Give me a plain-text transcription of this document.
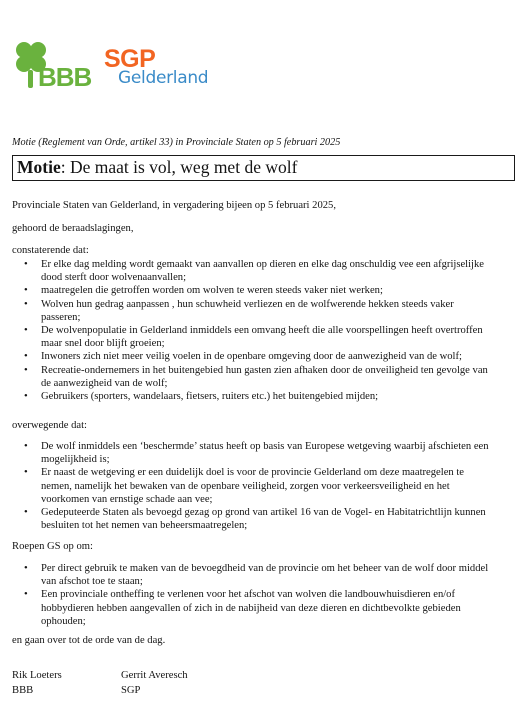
BBB
SGP
Gelderland
Motie (Reglement van Orde, artikel 33) in Provinciale Staten op 5 februari 2025
Motie: De maat is vol, weg met de wolf
Provinciale Staten van Gelderland, in vergadering bijeen op 5 februari 2025,
gehoord de beraadslagingen,
constaterende dat:
• Er elke dag melding wordt gemaakt van aanvallen op dieren en elke dag onschuldig vee een afgrijselijke dood sterft door wolvenaanvallen;
• maatregelen die getroffen worden om wolven te weren steeds vaker niet werken;
• Wolven hun gedrag aanpassen , hun schuwheid verliezen en de wolfwerende hekken steeds vaker passeren;
• De wolvenpopulatie in Gelderland inmiddels een omvang heeft die alle voorspellingen heeft overtroffen maar snel door blijft groeien;
• Inwoners zich niet meer veilig voelen in de openbare omgeving door de aanwezigheid van de wolf;
• Recreatie-ondernemers in het buitengebied hun gasten zien afhaken door de onveiligheid ten gevolge van de aanwezigheid van de wolf;
• Gebruikers (sporters, wandelaars, fietsers, ruiters etc.) het buitengebied mijden;
overwegende dat:
• De wolf inmiddels een ‘beschermde’ status heeft op basis van Europese wetgeving waarbij afschieten een mogelijkheid is;
• Er naast de wetgeving er een duidelijk doel is voor de provincie Gelderland om deze maatregelen te nemen, namelijk het bewaken van de openbare veiligheid, zorgen voor verkeersveiligheid en het voorkomen van ernstige schade aan vee;
• Gedeputeerde Staten als bevoegd gezag op grond van artikel 16 van de Vogel- en Habitatrichtlijn kunnen besluiten tot het nemen van beheersmaatregelen;
Roepen GS op om:
• Per direct gebruik te maken van de bevoegdheid van de provincie om het beheer van de wolf door middel van afschot toe te staan;
• Een provinciale ontheffing te verlenen voor het afschot van wolven die landbouwhuisdieren en/of hobbydieren hebben aangevallen of zich in de nabijheid van deze dieren en dichtbevolkte gebieden ophouden;
en gaan over tot de orde van de dag.
Rik Loeters
BBB
Gerrit Averesch
SGP
